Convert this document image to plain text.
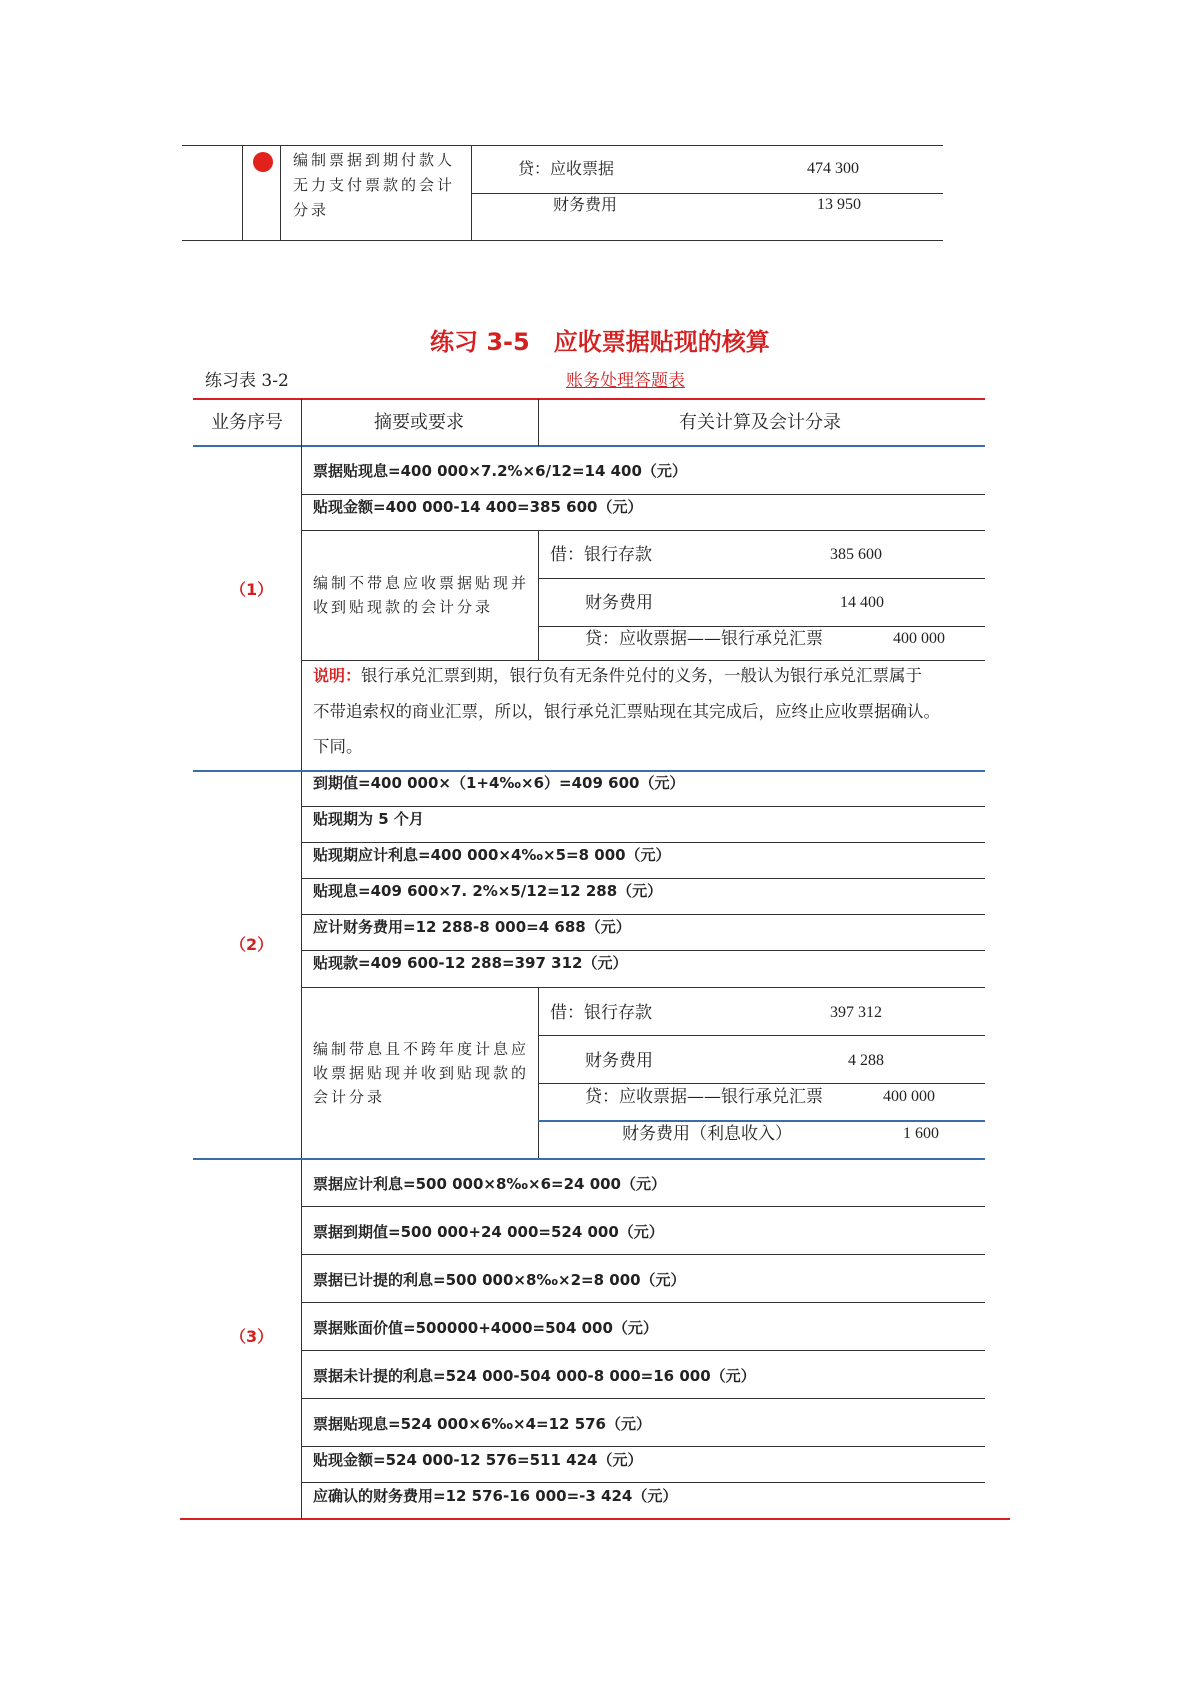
编制票据到期付款人无力支付票款的会计分录
贷：应收票据	474 300
财务费用	13 950
练习 3-5　应收票据贴现的核算
练习表 3-2	账务处理答题表
业务序号	摘要或要求	有关计算及会计分录
（1）
票据贴现息=400 000×7.2%×6/12=14 400（元）
贴现金额=400 000-14 400=385 600（元）
编制不带息应收票据贴现并收到贴现款的会计分录
借：银行存款	385 600
财务费用	14 400
贷：应收票据——银行承兑汇票	400 000
说明：银行承兑汇票到期，银行负有无条件兑付的义务，一般认为银行承兑汇票属于
不带追索权的商业汇票，所以，银行承兑汇票贴现在其完成后，应终止应收票据确认。
下同。
（2）
到期值=400 000×（1+4‰×6）=409 600（元）
贴现期为 5 个月
贴现期应计利息=400 000×4‰×5=8 000（元）
贴现息=409 600×7. 2%×5/12=12 288（元）
应计财务费用=12 288-8 000=4 688（元）
贴现款=409 600-12 288=397 312（元）
编制带息且不跨年度计息应收票据贴现并收到贴现款的会计分录
借：银行存款	397 312
财务费用	4 288
贷：应收票据——银行承兑汇票	400 000
财务费用（利息收入）	1 600
（3）
票据应计利息=500 000×8‰×6=24 000（元）
票据到期值=500 000+24 000=524 000（元）
票据已计提的利息=500 000×8‰×2=8 000（元）
票据账面价值=500000+4000=504 000（元）
票据未计提的利息=524 000-504 000-8 000=16 000（元）
票据贴现息=524 000×6‰×4=12 576（元）
贴现金额=524 000-12 576=511 424（元）
应确认的财务费用=12 576-16 000=-3 424（元）
